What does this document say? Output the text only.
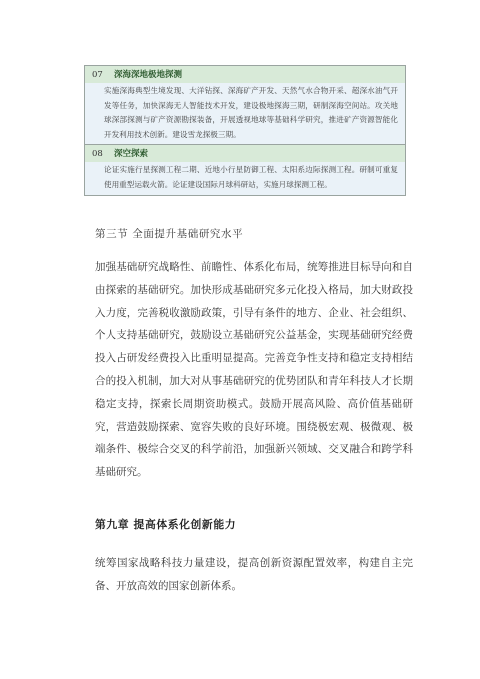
07 深海深地极地探测
实施深海典型生境发现、大洋钻探、深海矿产开发、天然气水合物开采、超深水油气开发等任务，加快深海无人智能技术开发，建设极地探海三期，研制深海空间站。攻关地球深部探测与矿产资源勘探装备，开展透视地球等基础科学研究，推进矿产资源智能化开发利用技术创新。建设雪龙探极三期。
08 深空探索
论证实施行星探测工程二期、近地小行星防御工程、太阳系边际探测工程。研制可重复使用重型运载火箭。论证建设国际月球科研站，实施月球探测工程。
第三节 全面提升基础研究水平

加强基础研究战略性、前瞻性、体系化布局，统筹推进目标导向和自由探索的基础研究。加快形成基础研究多元化投入格局，加大财政投入力度，完善税收激励政策，引导有条件的地方、企业、社会组织、个人支持基础研究，鼓励设立基础研究公益基金，实现基础研究经费投入占研发经费投入比重明显提高。完善竞争性支持和稳定支持相结合的投入机制，加大对从事基础研究的优势团队和青年科技人才长期稳定支持，探索长周期资助模式。鼓励开展高风险、高价值基础研究，营造鼓励探索、宽容失败的良好环境。围绕极宏观、极微观、极端条件、极综合交叉的科学前沿，加强新兴领域、交叉融合和跨学科基础研究。

第九章 提高体系化创新能力

统筹国家战略科技力量建设，提高创新资源配置效率，构建自主完备、开放高效的国家创新体系。
